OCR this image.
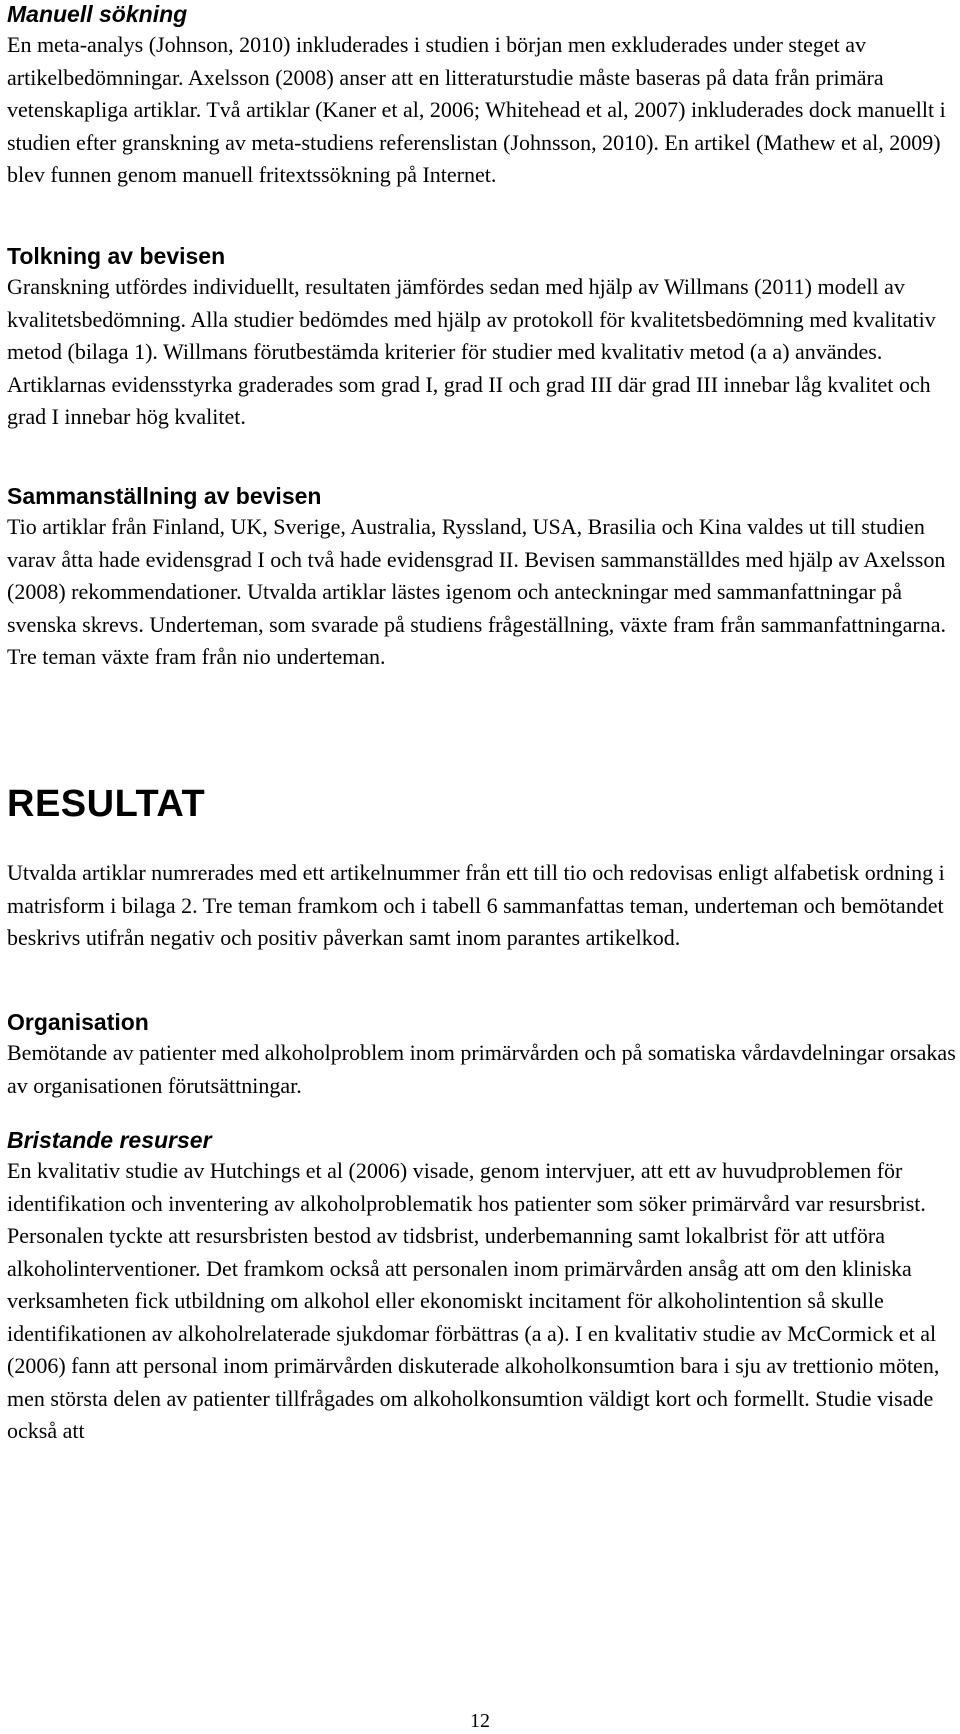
Manuell sökning

En meta-analys (Johnson, 2010) inkluderades i studien i början men exkluderades under steget av artikelbedömningar. Axelsson (2008) anser att en litteraturstudie måste baseras på data från primära vetenskapliga artiklar. Två artiklar (Kaner et al, 2006; Whitehead et al, 2007) inkluderades dock manuellt i studien efter granskning av meta-studiens referenslistan (Johnsson, 2010). En artikel (Mathew et al, 2009) blev funnen genom manuell fritextssökning på Internet.

Tolkning av bevisen

Granskning utfördes individuellt, resultaten jämfördes sedan med hjälp av Willmans (2011) modell av kvalitetsbedömning. Alla studier bedömdes med hjälp av protokoll för kvalitetsbedömning med kvalitativ metod (bilaga 1). Willmans förutbestämda kriterier för studier med kvalitativ metod (a a) användes. Artiklarnas evidensstyrka graderades som grad I, grad II och grad III där grad III innebar låg kvalitet och grad I innebar hög kvalitet.

Sammanställning av bevisen

Tio artiklar från Finland, UK, Sverige, Australia, Ryssland, USA, Brasilia och Kina valdes ut till studien varav åtta hade evidensgrad I och två hade evidensgrad II. Bevisen sammanställdes med hjälp av Axelsson (2008) rekommendationer. Utvalda artiklar lästes igenom och anteckningar med sammanfattningar på svenska skrevs. Underteman, som svarade på studiens frågeställning, växte fram från sammanfattningarna. Tre teman växte fram från nio underteman.

RESULTAT

Utvalda artiklar numrerades med ett artikelnummer från ett till tio och redovisas enligt alfabetisk ordning i matrisform i bilaga 2. Tre teman framkom och i tabell 6 sammanfattas teman, underteman och bemötandet beskrivs utifrån negativ och positiv påverkan samt inom parantes artikelkod.

Organisation

Bemötande av patienter med alkoholproblem inom primärvården och på somatiska vårdavdelningar orsakas av organisationen förutsättningar.

Bristande resurser

En kvalitativ studie av Hutchings et al (2006) visade, genom intervjuer, att ett av huvudproblemen för identifikation och inventering av alkoholproblematik hos patienter som söker primärvård var resursbrist. Personalen tyckte att resursbristen bestod av tidsbrist, underbemanning samt lokalbrist för att utföra alkoholinterventioner. Det framkom också att personalen inom primärvården ansåg att om den kliniska verksamheten fick utbildning om alkohol eller ekonomiskt incitament för alkoholintention så skulle identifikationen av alkoholrelaterade sjukdomar förbättras (a a). I en kvalitativ studie av McCormick et al (2006) fann att personal inom primärvården diskuterade alkoholkonsumtion bara i sju av trettionio möten, men största delen av patienter tillfrågades om alkoholkonsumtion väldigt kort och formellt. Studie visade också att

12
